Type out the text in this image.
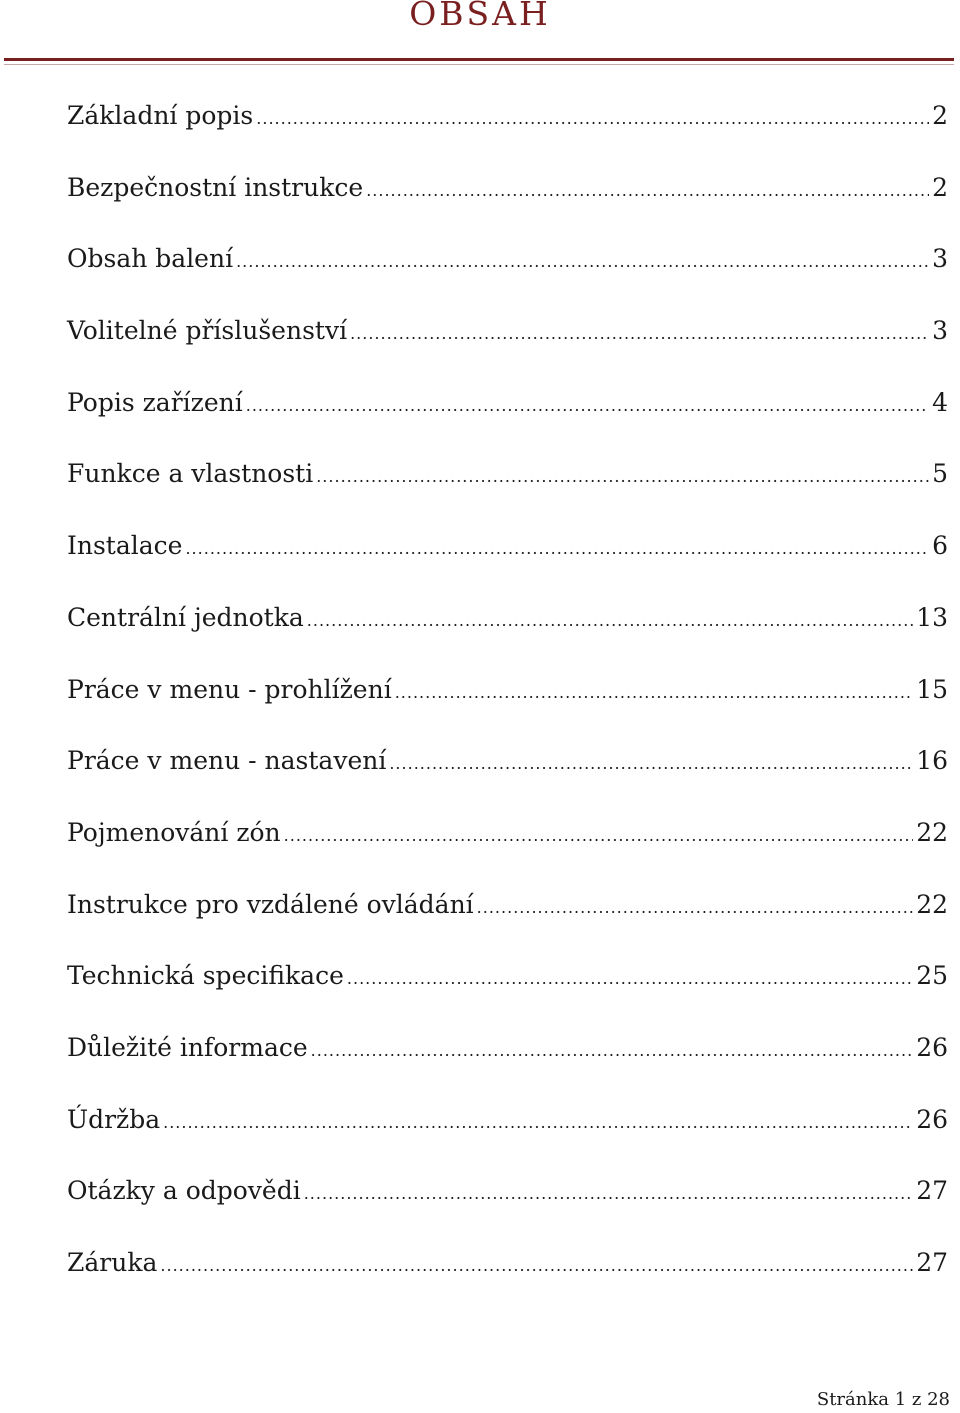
OBSAH
Základní popis .....	2
Bezpečnostní instrukce .....	2
Obsah balení .....	3
Volitelné příslušenství .....	3
Popis zařízení .....	4
Funkce a vlastnosti .....	5
Instalace .....	6
Centrální jednotka .....	13
Práce v menu - prohlížení .....	15
Práce v menu - nastavení .....	16
Pojmenování zón .....	22
Instrukce pro vzdálené ovládání .....	22
Technická specifikace .....	25
Důležité informace .....	26
Údržba .....	26
Otázky a odpovědi .....	27
Záruka .....	27
Stránka 1 z 28
